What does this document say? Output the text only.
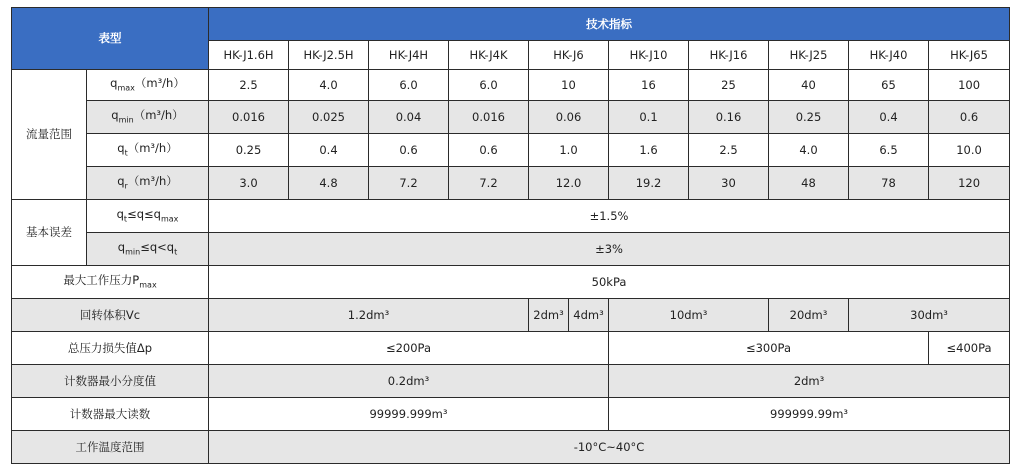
表型		技术指标										
		HK-J1.6H	HK-J2.5H	HK-J4H	HK-J4K	HK-J6		HK-J10	HK-J16	HK-J25	HK-J40	HK-J65
流量范围	$q_{max}(m^3/h)$	2.5	4.0	6.0	6.0	10		16	25	40	65	100
	$q_{min}(m^3/h)$	0.016	0.025	0.04	0.016	0.06		0.1	0.16	0.25	0.4	0.6
	$q_t(m^3/h)$	0.25	0.4	0.6	0.6	1.0		1.6	2.5	4.0	6.5	10.0
	$q_r(m^3/h)$	3.0	4.8	7.2	7.2	12.0		19.2	30	48	78	120
基本误差	$q_t\le q\le q_{max}$	±1.5%										
	$q_{min}\le q<q_t$	±3%										
最大工作压力$P_{max}$		50kPa										
回转体积Vc		1.2dm³				2dm³	4dm³	10dm³		20dm³	30dm³	
总压力损失值Δp		≤200Pa						≤300Pa				≤400Pa
计数器最小分度值		0.2dm³						2dm³				
计数器最大读数		99999.999m³						999999.99m³				
工作温度范围		-10°C~40°C										
